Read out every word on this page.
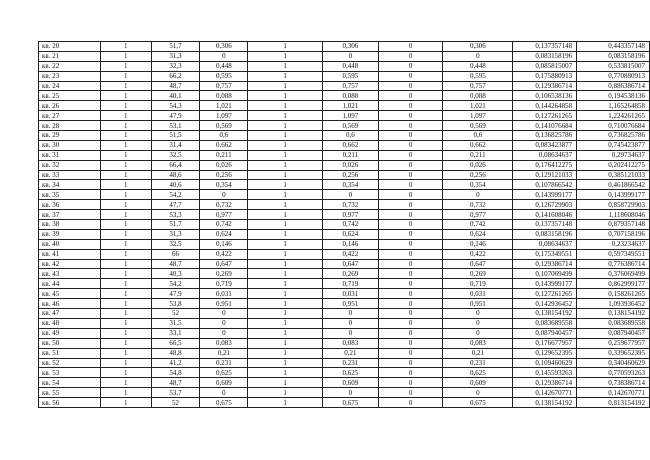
кв. 20	1	51,7	0,306	1	0,306	0	0,306	0,137357148	0,443357148
кв. 21	1	31,3	0	1	0	0	0	0,083158196	0,083158196
кв. 22	1	32,3	0,448	1	0,448	0	0,448	0,085815007	0,533815007
кв. 23	1	66,2	0,595	1	0,595	0	0,595	0,175880913	0,770880913
кв. 24	1	48,7	0,757	1	0,757	0	0,757	0,129386714	0,886386714
кв. 25	1	40,1	0,088	1	0,088	0	0,088	0,106538136	0,194538136
кв. 26	1	54,3	1,021	1	1,021	0	1,021	0,144264858	1,165264858
кв. 27	1	47,9	1,097	1	1,097	0	1,097	0,127261265	1,224261265
кв. 28	1	53,1	0,569	1	0,569	0	0,569	0,141076684	0,710076684
кв. 29	1	51,5	0,6	1	0,6	0	0,6	0,136825786	0,736825786
кв. 30	1	31,4	0,662	1	0,662	0	0,662	0,083423877	0,745423877
кв. 31	1	32,5	0,211	1	0,211	0	0,211	0,08634637	0,29734637
кв. 32	1	66,4	0,026	1	0,026	0	0,026	0,176412275	0,202412275
кв. 33	1	48,6	0,256	1	0,256	0	0,256	0,129121033	0,385121033
кв. 34	1	40,6	0,354	1	0,354	0	0,354	0,107866542	0,461866542
кв. 35	1	54,2	0	1	0	0	0	0,143999177	0,143999177
кв. 36	1	47,7	0,732	1	0,732	0	0,732	0,126729903	0,858729903
кв. 37	1	53,3	0,977	1	0,977	0	0,977	0,141608046	1,118608046
кв. 38	1	51,7	0,742	1	0,742	0	0,742	0,137357148	0,879357148
кв. 39	1	31,3	0,624	1	0,624	0	0,624	0,083158196	0,707158196
кв. 40	1	32,5	0,146	1	0,146	0	0,146	0,08634637	0,23234637
кв. 41	1	66	0,422	1	0,422	0	0,422	0,175349551	0,597349551
кв. 42	1	48,7	0,647	1	0,647	0	0,647	0,129386714	0,776386714
кв. 43	1	40,3	0,269	1	0,269	0	0,269	0,107069499	0,376069499
кв. 44	1	54,2	0,719	1	0,719	0	0,719	0,143999177	0,862999177
кв. 45	1	47,9	0,031	1	0,031	0	0,031	0,127261265	0,158261265
кв. 46	1	53,8	0,951	1	0,951	0	0,951	0,142936452	1,093936452
кв. 47	1	52	0	1	0	0	0	0,138154192	0,138154192
кв. 48	1	31,5	0	1	0	0	0	0,083689558	0,083689558
кв. 49	1	33,1	0	1	0	0	0	0,087940457	0,087940457
кв. 50	1	66,5	0,083	1	0,083	0	0,083	0,176677957	0,259677957
кв. 51	1	48,8	0,21	1	0,21	0	0,21	0,129652395	0,339652395
кв. 52	1	41,2	0,231	1	0,231	0	0,231	0,109460629	0,340460629
кв. 53	1	54,8	0,625	1	0,625	0	0,625	0,145593263	0,770593263
кв. 54	1	48,7	0,609	1	0,609	0	0,609	0,129386714	0,738386714
кв. 55	1	53,7	0	1	0	0	0	0,142670771	0,142670771
кв. 56	1	52	0,675	1	0,675	0	0,675	0,138154192	0,813154192
